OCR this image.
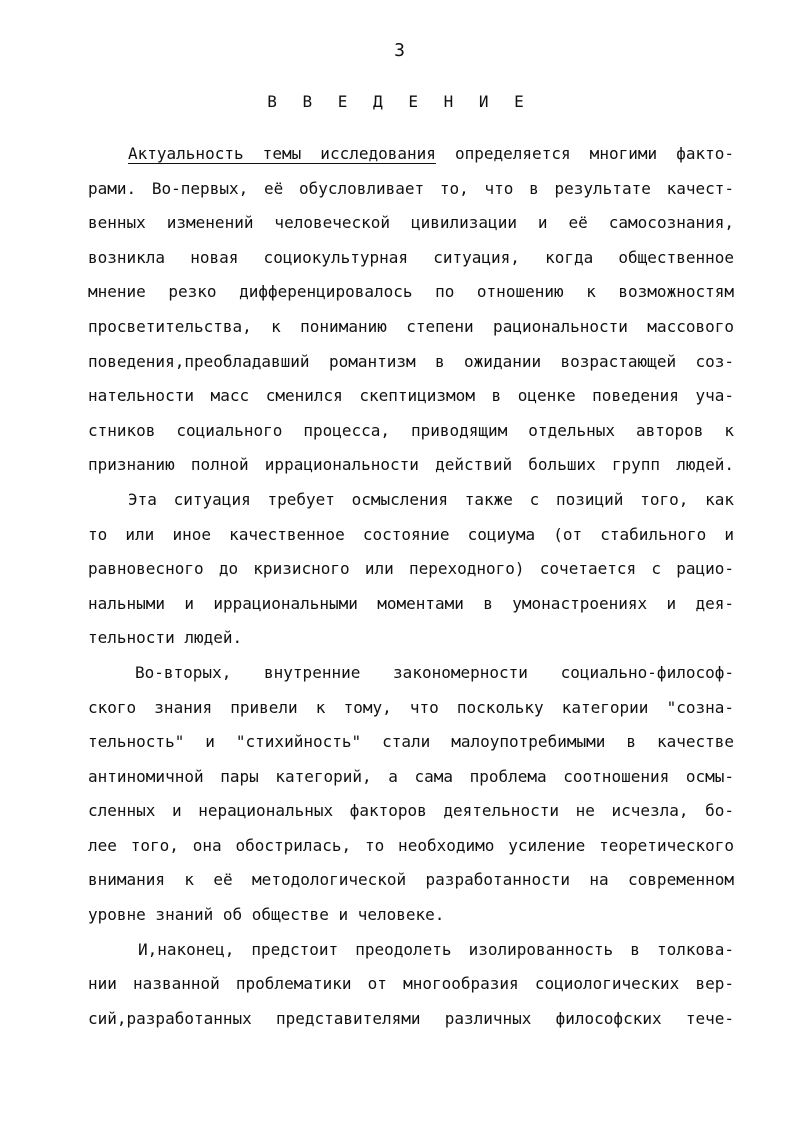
3
В В Е Д Е Н И Е
Актуальность темы исследования определяется многими факто-
рами. Во-первых, её обусловливает то, что в результате качест-
венных изменений человеческой цивилизации и её самосознания,
возникла новая социокультурная ситуация, когда общественное
мнение резко дифференцировалось по отношению к возможностям
просветительства, к пониманию степени рациональности массового
поведения,преобладавший романтизм в ожидании возрастающей соз-
нательности масс сменился скептицизмом в оценке поведения уча-
стников социального процесса, приводящим отдельных авторов к
признанию полной иррациональности действий больших групп людей.
Эта ситуация требует осмысления также с позиций того, как
то или иное качественное состояние социума (от стабильного и
равновесного до кризисного или переходного) сочетается с рацио-
нальными и иррациональными моментами в умонастроениях и дея-
тельности людей.
Во-вторых, внутренние закономерности социально-философ-
ского знания привели к тому, что поскольку категории "созна-
тельность" и "стихийность" стали малоупотребимыми в качестве
антиномичной пары категорий, а сама проблема соотношения осмы-
сленных и нерациональных факторов деятельности не исчезла, бо-
лее того, она обострилась, то необходимо усиление теоретического
внимания к её методологической разработанности на современном
уровне знаний об обществе и человеке.
И,наконец, предстоит преодолеть изолированность в толкова-
нии названной проблематики от многообразия социологических вер-
сий,разработанных представителями различных философских тече-
